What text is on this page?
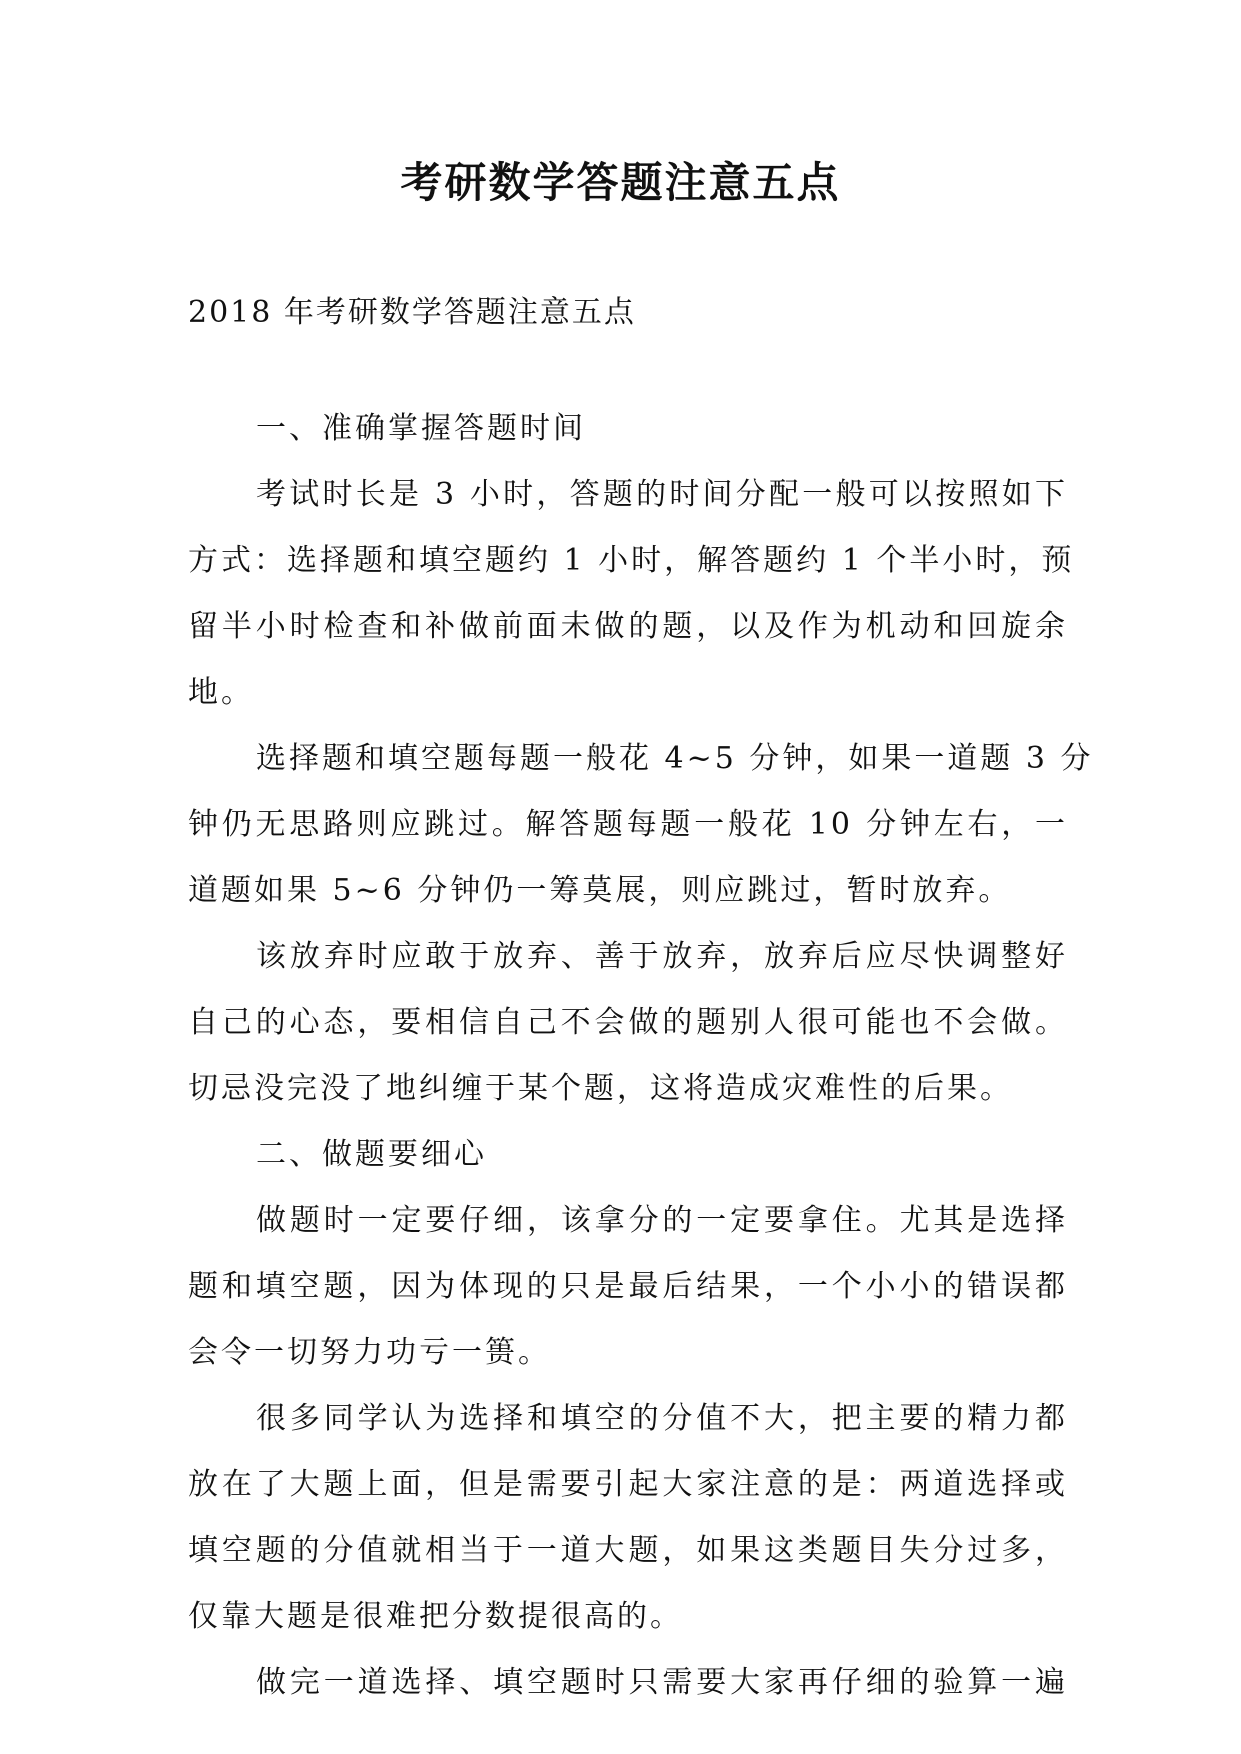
考研数学答题注意五点

2018 年考研数学答题注意五点

一、准确掌握答题时间
考试时长是 3 小时，答题的时间分配一般可以按照如下
方式：选择题和填空题约 1 小时，解答题约 1 个半小时，预
留半小时检查和补做前面未做的题，以及作为机动和回旋余
地。
选择题和填空题每题一般花 4~5 分钟，如果一道题 3 分
钟仍无思路则应跳过。解答题每题一般花 10 分钟左右，一
道题如果 5~6 分钟仍一筹莫展，则应跳过，暂时放弃。
该放弃时应敢于放弃、善于放弃，放弃后应尽快调整好
自己的心态，要相信自己不会做的题别人很可能也不会做。
切忌没完没了地纠缠于某个题，这将造成灾难性的后果。
二、做题要细心
做题时一定要仔细，该拿分的一定要拿住。尤其是选择
题和填空题，因为体现的只是最后结果，一个小小的错误都
会令一切努力功亏一篑。
很多同学认为选择和填空的分值不大，把主要的精力都
放在了大题上面，但是需要引起大家注意的是：两道选择或
填空题的分值就相当于一道大题，如果这类题目失分过多，
仅靠大题是很难把分数提很高的。
做完一道选择、填空题时只需要大家再仔细的验算一遍
